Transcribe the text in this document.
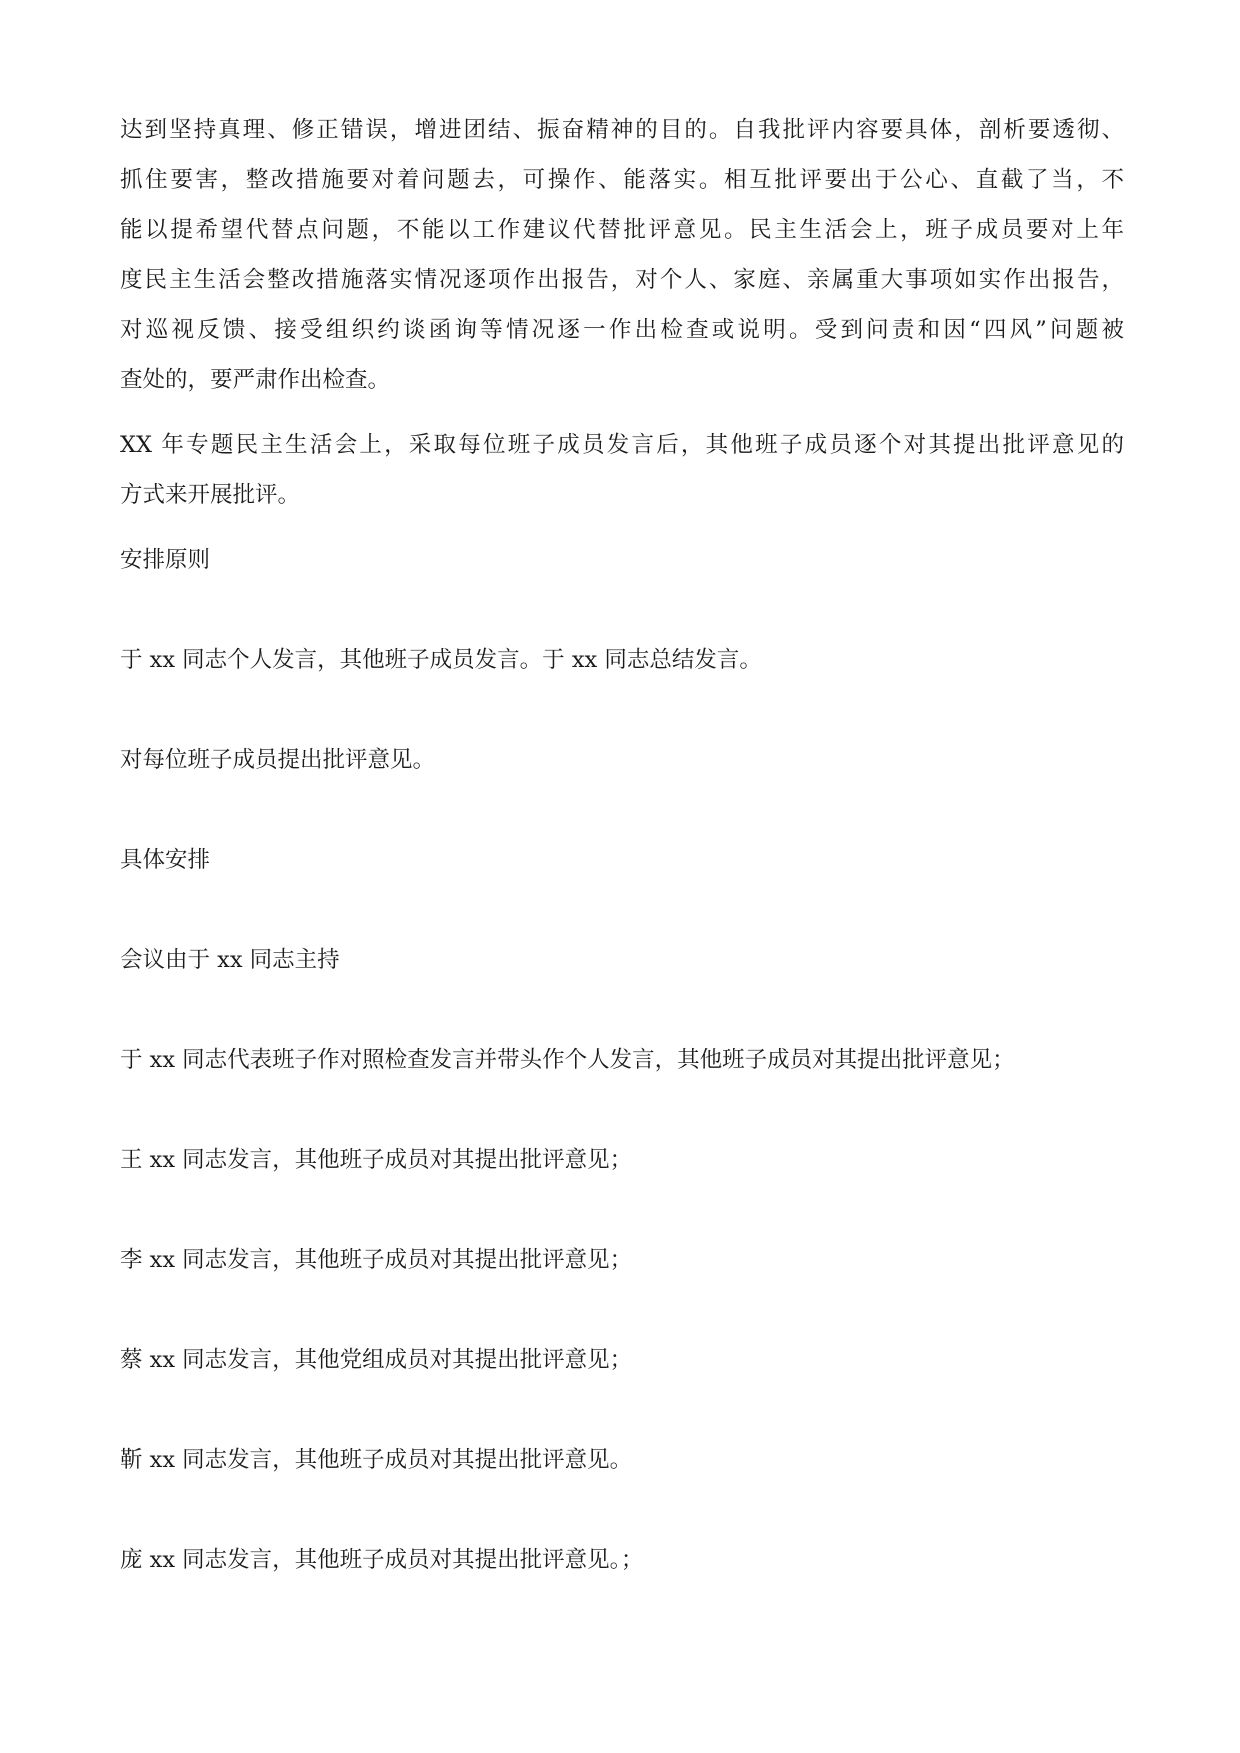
达到坚持真理、修正错误，增进团结、振奋精神的目的。自我批评内容要具体，剖析要透彻、
抓住要害，整改措施要对着问题去，可操作、能落实。相互批评要出于公心、直截了当，不
能以提希望代替点问题，不能以工作建议代替批评意见。民主生活会上，班子成员要对上年
度民主生活会整改措施落实情况逐项作出报告，对个人、家庭、亲属重大事项如实作出报告，
对巡视反馈、接受组织约谈函询等情况逐一作出检查或说明。受到问责和因“四风”问题被
查处的，要严肃作出检查。
XX 年专题民主生活会上，采取每位班子成员发言后，其他班子成员逐个对其提出批评意见的
方式来开展批评。
安排原则
于 xx 同志个人发言，其他班子成员发言。于 xx 同志总结发言。
对每位班子成员提出批评意见。
具体安排
会议由于 xx 同志主持
于 xx 同志代表班子作对照检查发言并带头作个人发言，其他班子成员对其提出批评意见；
王 xx 同志发言，其他班子成员对其提出批评意见；
李 xx 同志发言，其他班子成员对其提出批评意见；
蔡 xx 同志发言，其他党组成员对其提出批评意见；
靳 xx 同志发言，其他班子成员对其提出批评意见。
庞 xx 同志发言，其他班子成员对其提出批评意见。；
